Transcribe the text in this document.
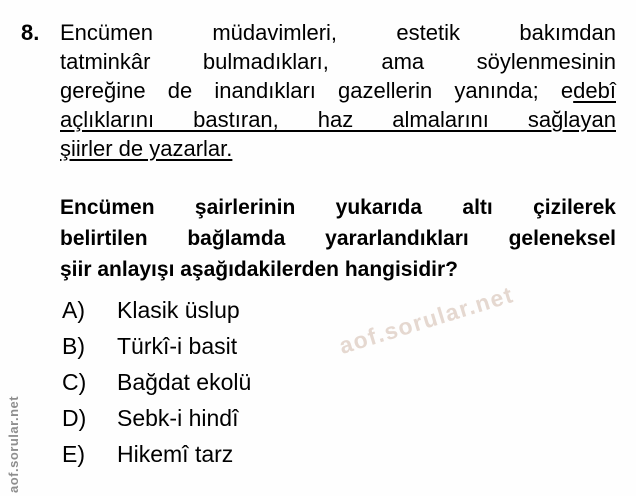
aof.sorular.net
aof.sorular.net
8. Encümen müdavimleri, estetik bakımdan
tatminkâr bulmadıkları, ama söylenmesinin
gereğine de inandıkları gazellerin yanında; edebî
açlıklarını bastıran, haz almalarını sağlayan
şiirler de yazarlar.
Encümen şairlerinin yukarıda altı çizilerek
belirtilen bağlamda yararlandıkları geleneksel
şiir anlayışı aşağıdakilerden hangisidir?
A) Klasik üslup
B) Türkî-i basit
C) Bağdat ekolü
D) Sebk-i hindî
E) Hikemî tarz
